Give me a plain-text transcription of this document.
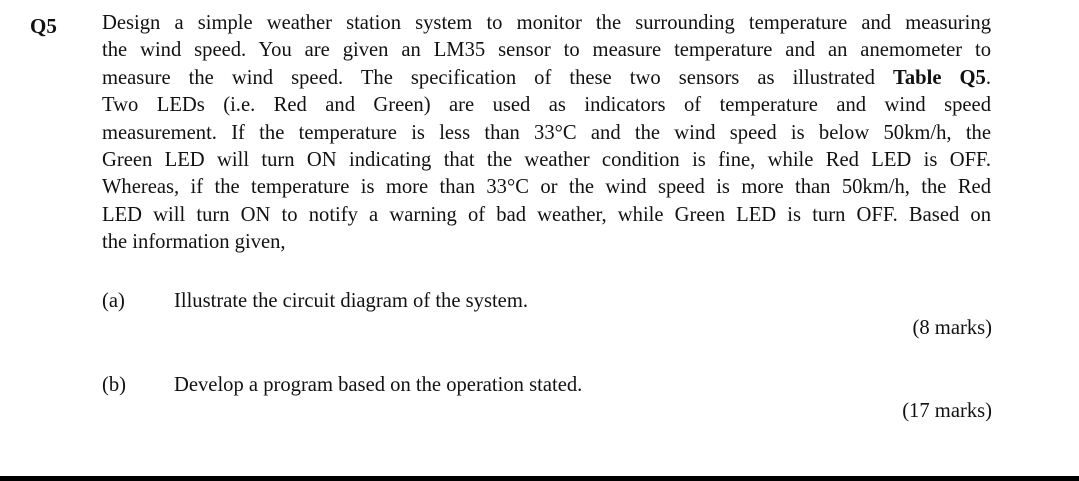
Q5 Design a simple weather station system to monitor the surrounding temperature and measuring
the wind speed. You are given an LM35 sensor to measure temperature and an anemometer to
measure the wind speed. The specification of these two sensors as illustrated Table Q5.
Two LEDs (i.e. Red and Green) are used as indicators of temperature and wind speed
measurement. If the temperature is less than 33°C and the wind speed is below 50km/h, the
Green LED will turn ON indicating that the weather condition is fine, while Red LED is OFF.
Whereas, if the temperature is more than 33°C or the wind speed is more than 50km/h, the Red
LED will turn ON to notify a warning of bad weather, while Green LED is turn OFF. Based on
the information given,
(a) Illustrate the circuit diagram of the system.
(8 marks)
(b) Develop a program based on the operation stated.
(17 marks)
